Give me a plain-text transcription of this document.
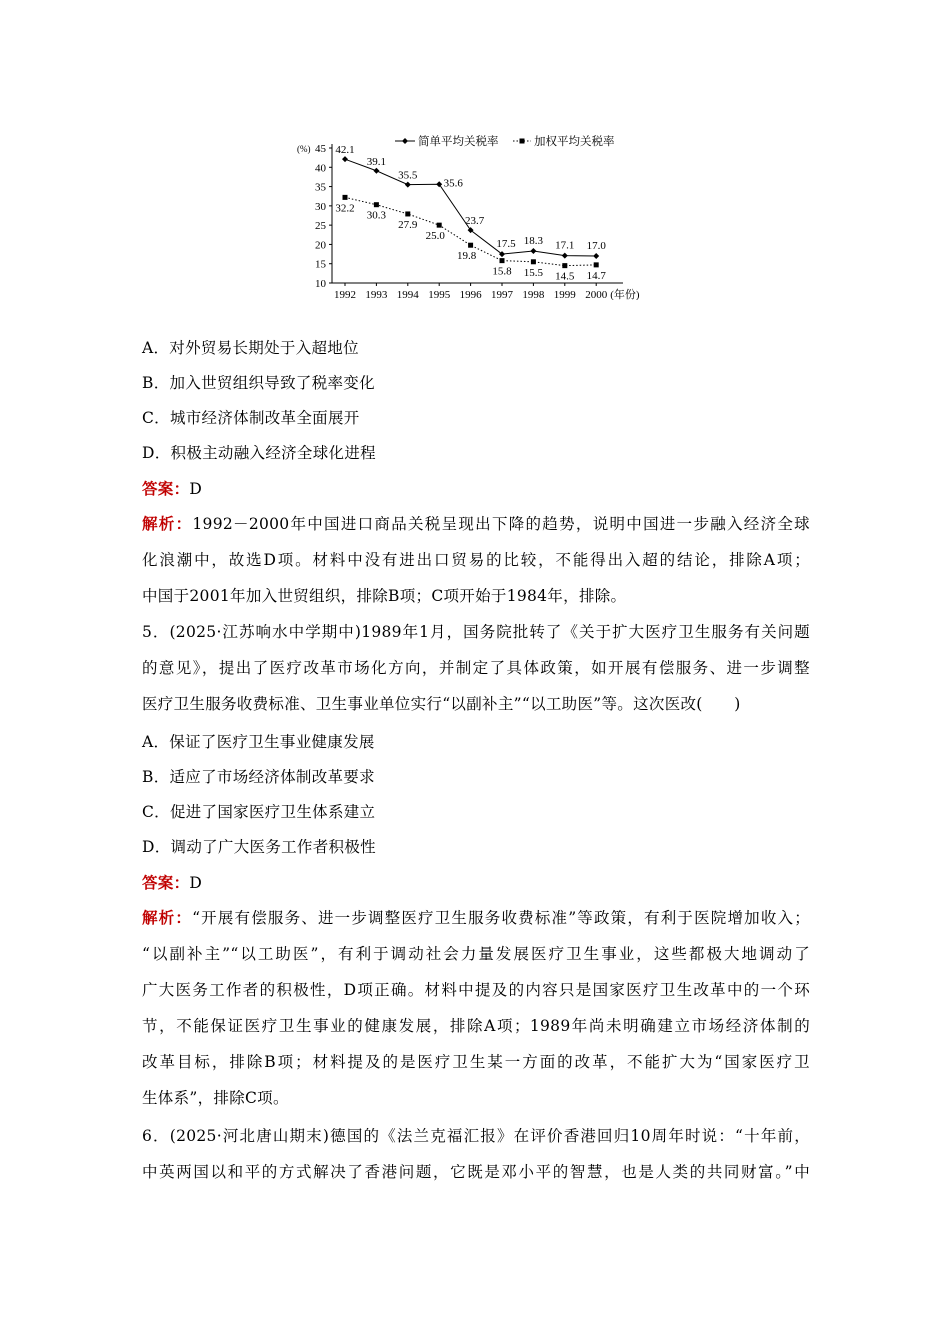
(%)
10
15
20
25
30
35
40
45
1992 1993 1994 1995 1996 1997 1998 1999 2000 (年份)
42.1
39.1
35.5
35.6
23.7
17.5 18.3 17.1 17.0
32.2
30.3
27.9
25.0
19.8
15.8 15.5 14.5 14.7
简单平均关税率	加权平均关税率
A．对外贸易长期处于入超地位
B．加入世贸组织导致了税率变化
C．城市经济体制改革全面展开
D．积极主动融入经济全球化进程
答案：D
解析：1992－2000年中国进口商品关税呈现出下降的趋势，说明中国进一步融入经济全球
化浪潮中，故选D项。材料中没有进出口贸易的比较，不能得出入超的结论，排除A项；
中国于2001年加入世贸组织，排除B项；C项开始于1984年，排除。
5．(2025·江苏响水中学期中)1989年1月，国务院批转了《关于扩大医疗卫生服务有关问题
的意见》，提出了医疗改革市场化方向，并制定了具体政策，如开展有偿服务、进一步调整
医疗卫生服务收费标准、卫生事业单位实行“以副补主”“以工助医”等。这次医改(　　)
A．保证了医疗卫生事业健康发展
B．适应了市场经济体制改革要求
C．促进了国家医疗卫生体系建立
D．调动了广大医务工作者积极性
答案：D
解析：“开展有偿服务、进一步调整医疗卫生服务收费标准”等政策，有利于医院增加收入；
“以副补主”“以工助医”，有利于调动社会力量发展医疗卫生事业，这些都极大地调动了
广大医务工作者的积极性，D项正确。材料中提及的内容只是国家医疗卫生改革中的一个环
节，不能保证医疗卫生事业的健康发展，排除A项；1989年尚未明确建立市场经济体制的
改革目标，排除B项；材料提及的是医疗卫生某一方面的改革，不能扩大为“国家医疗卫
生体系”，排除C项。
6．(2025·河北唐山期末)德国的《法兰克福汇报》在评价香港回归10周年时说：“十年前，
中英两国以和平的方式解决了香港问题，它既是邓小平的智慧，也是人类的共同财富。”中
